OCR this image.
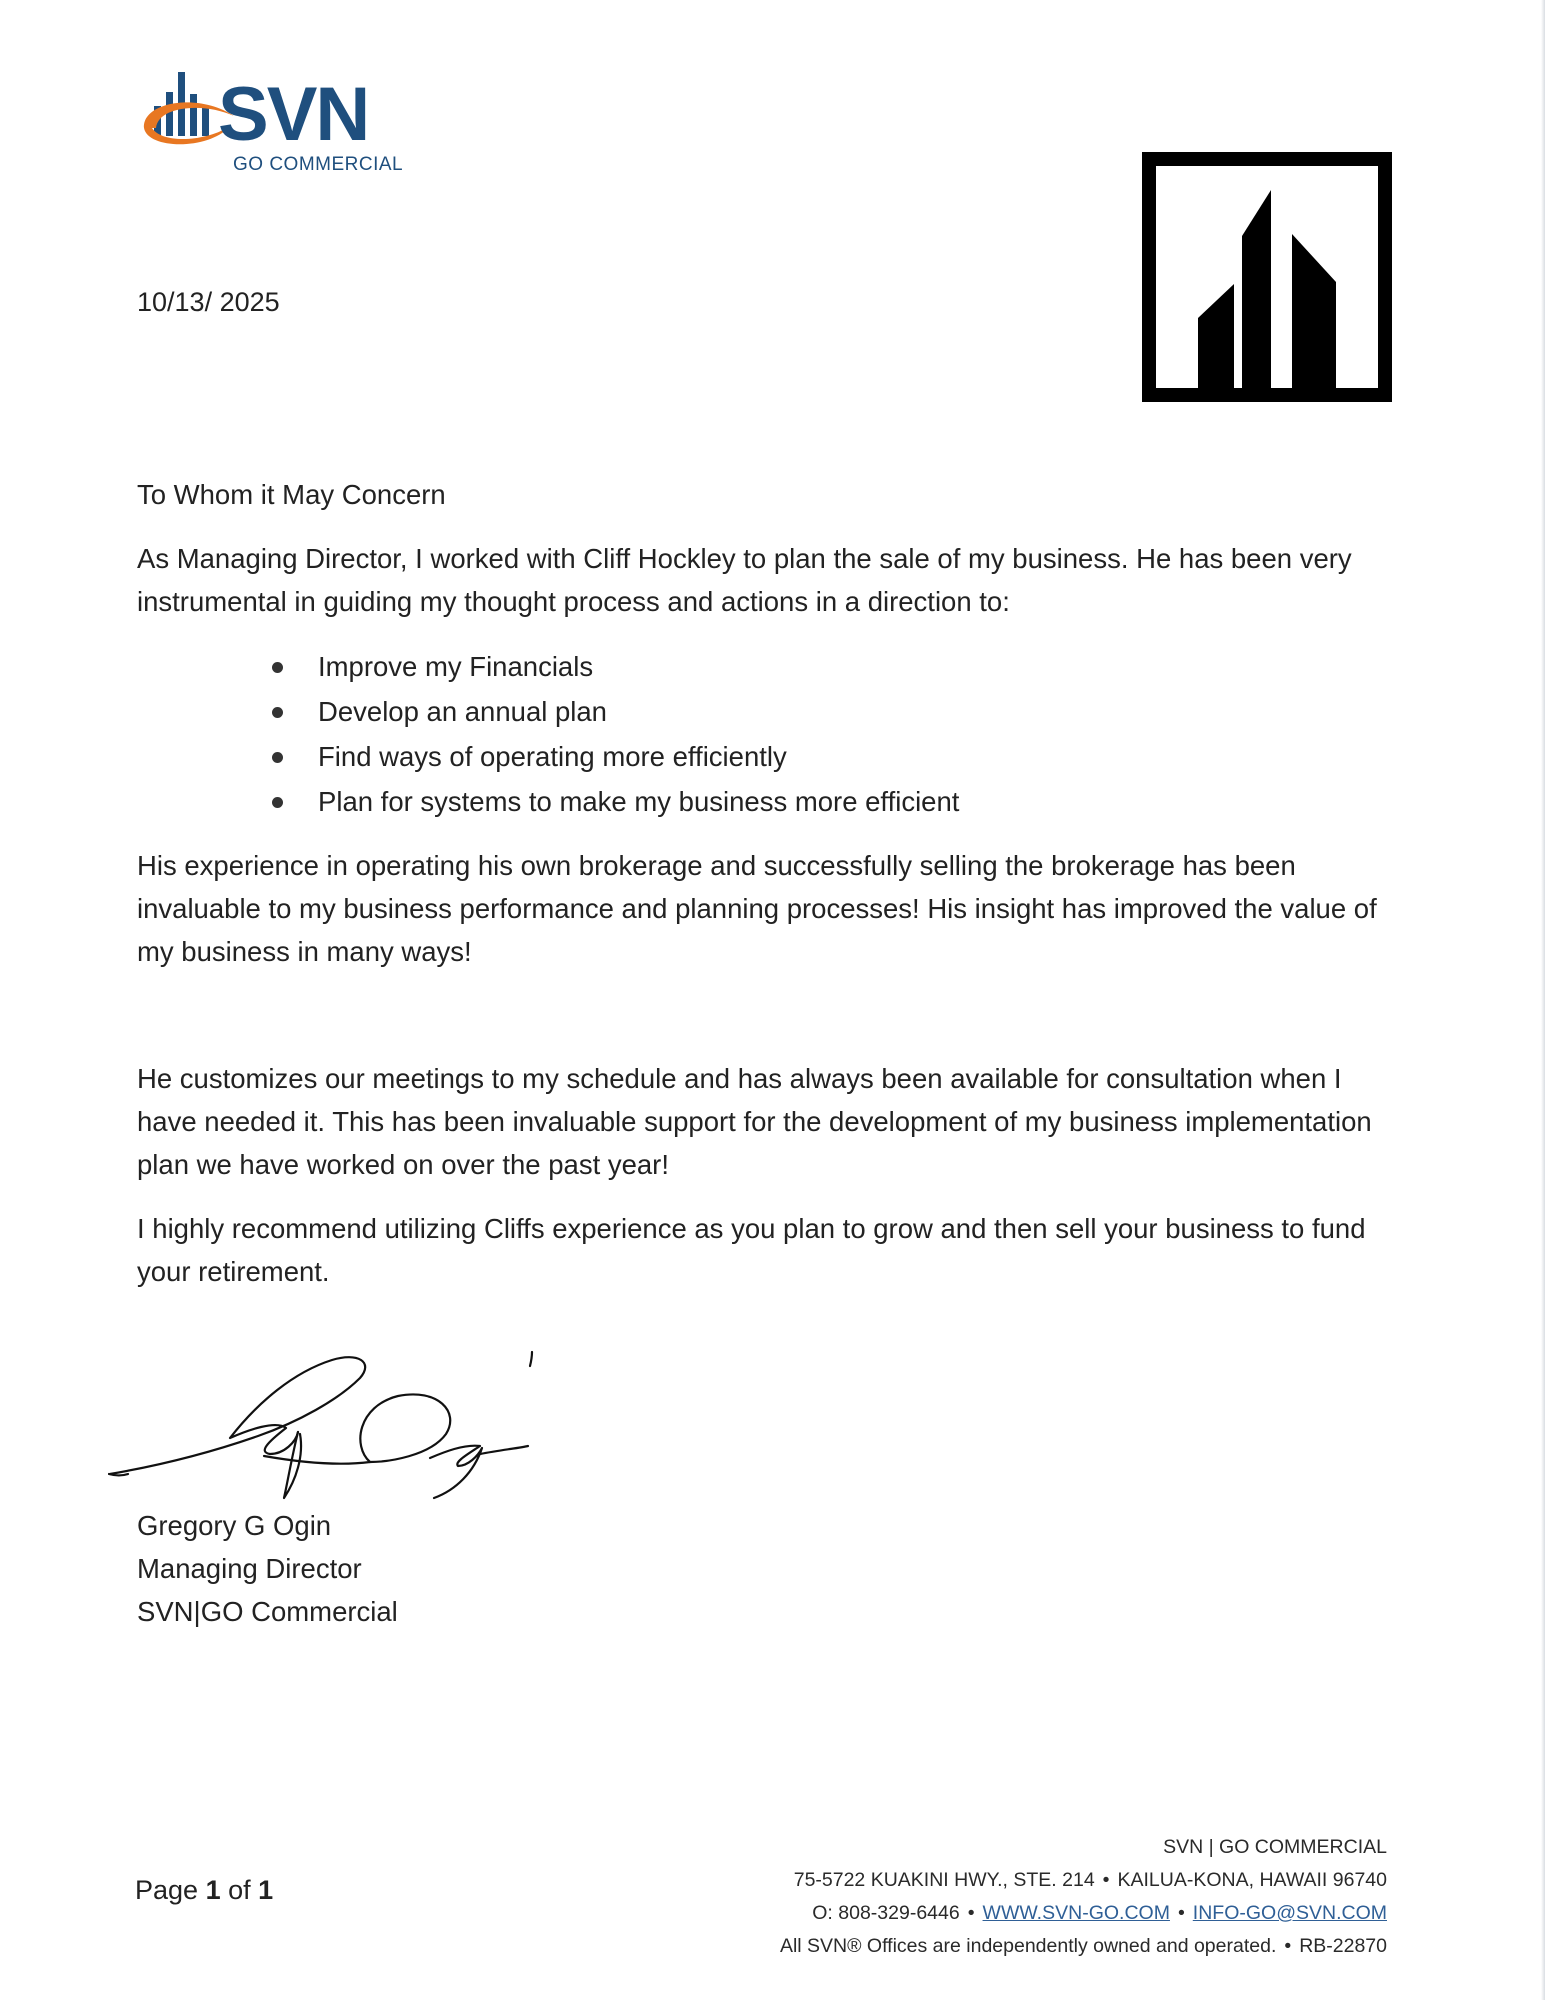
SVN
GO COMMERCIAL
10/13/ 2025
To Whom it May Concern
As Managing Director, I worked with Cliff Hockley to plan the sale of my business. He has been very instrumental in guiding my thought process and actions in a direction to:
Improve my Financials
Develop an annual plan
Find ways of operating more efficiently
Plan for systems to make my business more efficient
His experience in operating his own brokerage and successfully selling the brokerage has been invaluable to my business performance and planning processes! His insight has improved the value of my business in many ways!
He customizes our meetings to my schedule and has always been available for consultation when I have needed it. This has been invaluable support for the development of my business implementation plan we have worked on over the past year!
I highly recommend utilizing Cliffs experience as you plan to grow and then sell your business to fund your retirement.
Gregory G Ogin
Managing Director
SVN|GO Commercial
Page 1 of 1
SVN | GO COMMERCIAL
75-5722 KUAKINI HWY., STE. 214 • KAILUA-KONA, HAWAII 96740
O: 808-329-6446 • WWW.SVN-GO.COM • INFO-GO@SVN.COM
All SVN® Offices are independently owned and operated. • RB-22870
